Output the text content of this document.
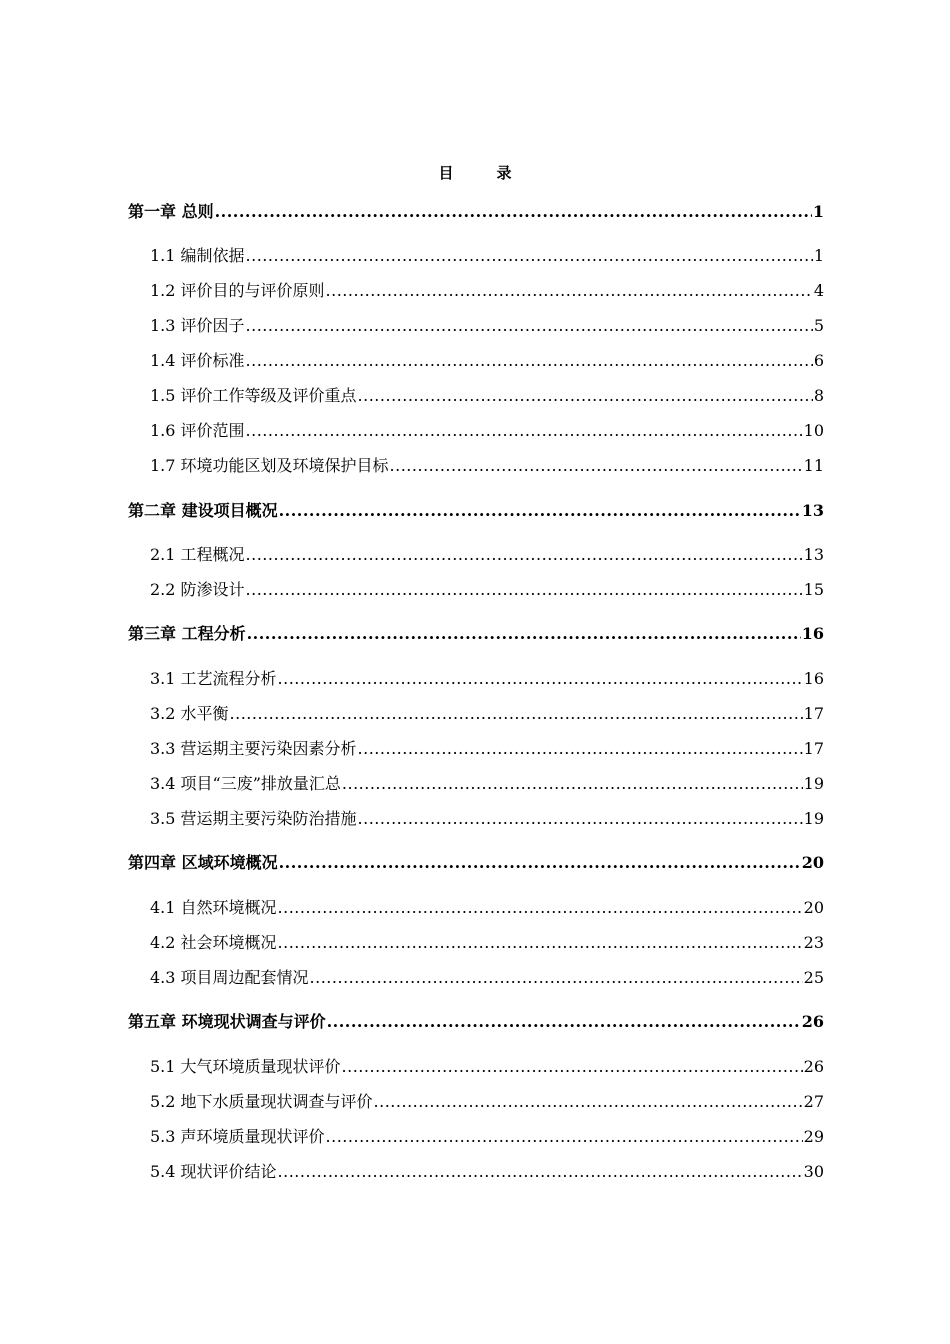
目　录
第一章 总则 .....	1
1.1 编制依据 .....	1
1.2 评价目的与评价原则 .....	4
1.3 评价因子 .....	5
1.4 评价标准 .....	6
1.5 评价工作等级及评价重点 .....	8
1.6 评价范围 .....	10
1.7 环境功能区划及环境保护目标 .....	11
第二章 建设项目概况 .....	13
2.1 工程概况 .....	13
2.2 防渗设计 .....	15
第三章 工程分析 .....	16
3.1 工艺流程分析 .....	16
3.2 水平衡 .....	17
3.3 营运期主要污染因素分析 .....	17
3.4 项目“三废”排放量汇总 .....	19
3.5 营运期主要污染防治措施 .....	19
第四章 区域环境概况 .....	20
4.1 自然环境概况 .....	20
4.2 社会环境概况 .....	23
4.3 项目周边配套情况 .....	25
第五章 环境现状调查与评价 .....	26
5.1 大气环境质量现状评价 .....	26
5.2 地下水质量现状调查与评价 .....	27
5.3 声环境质量现状评价 .....	29
5.4 现状评价结论 .....	30
